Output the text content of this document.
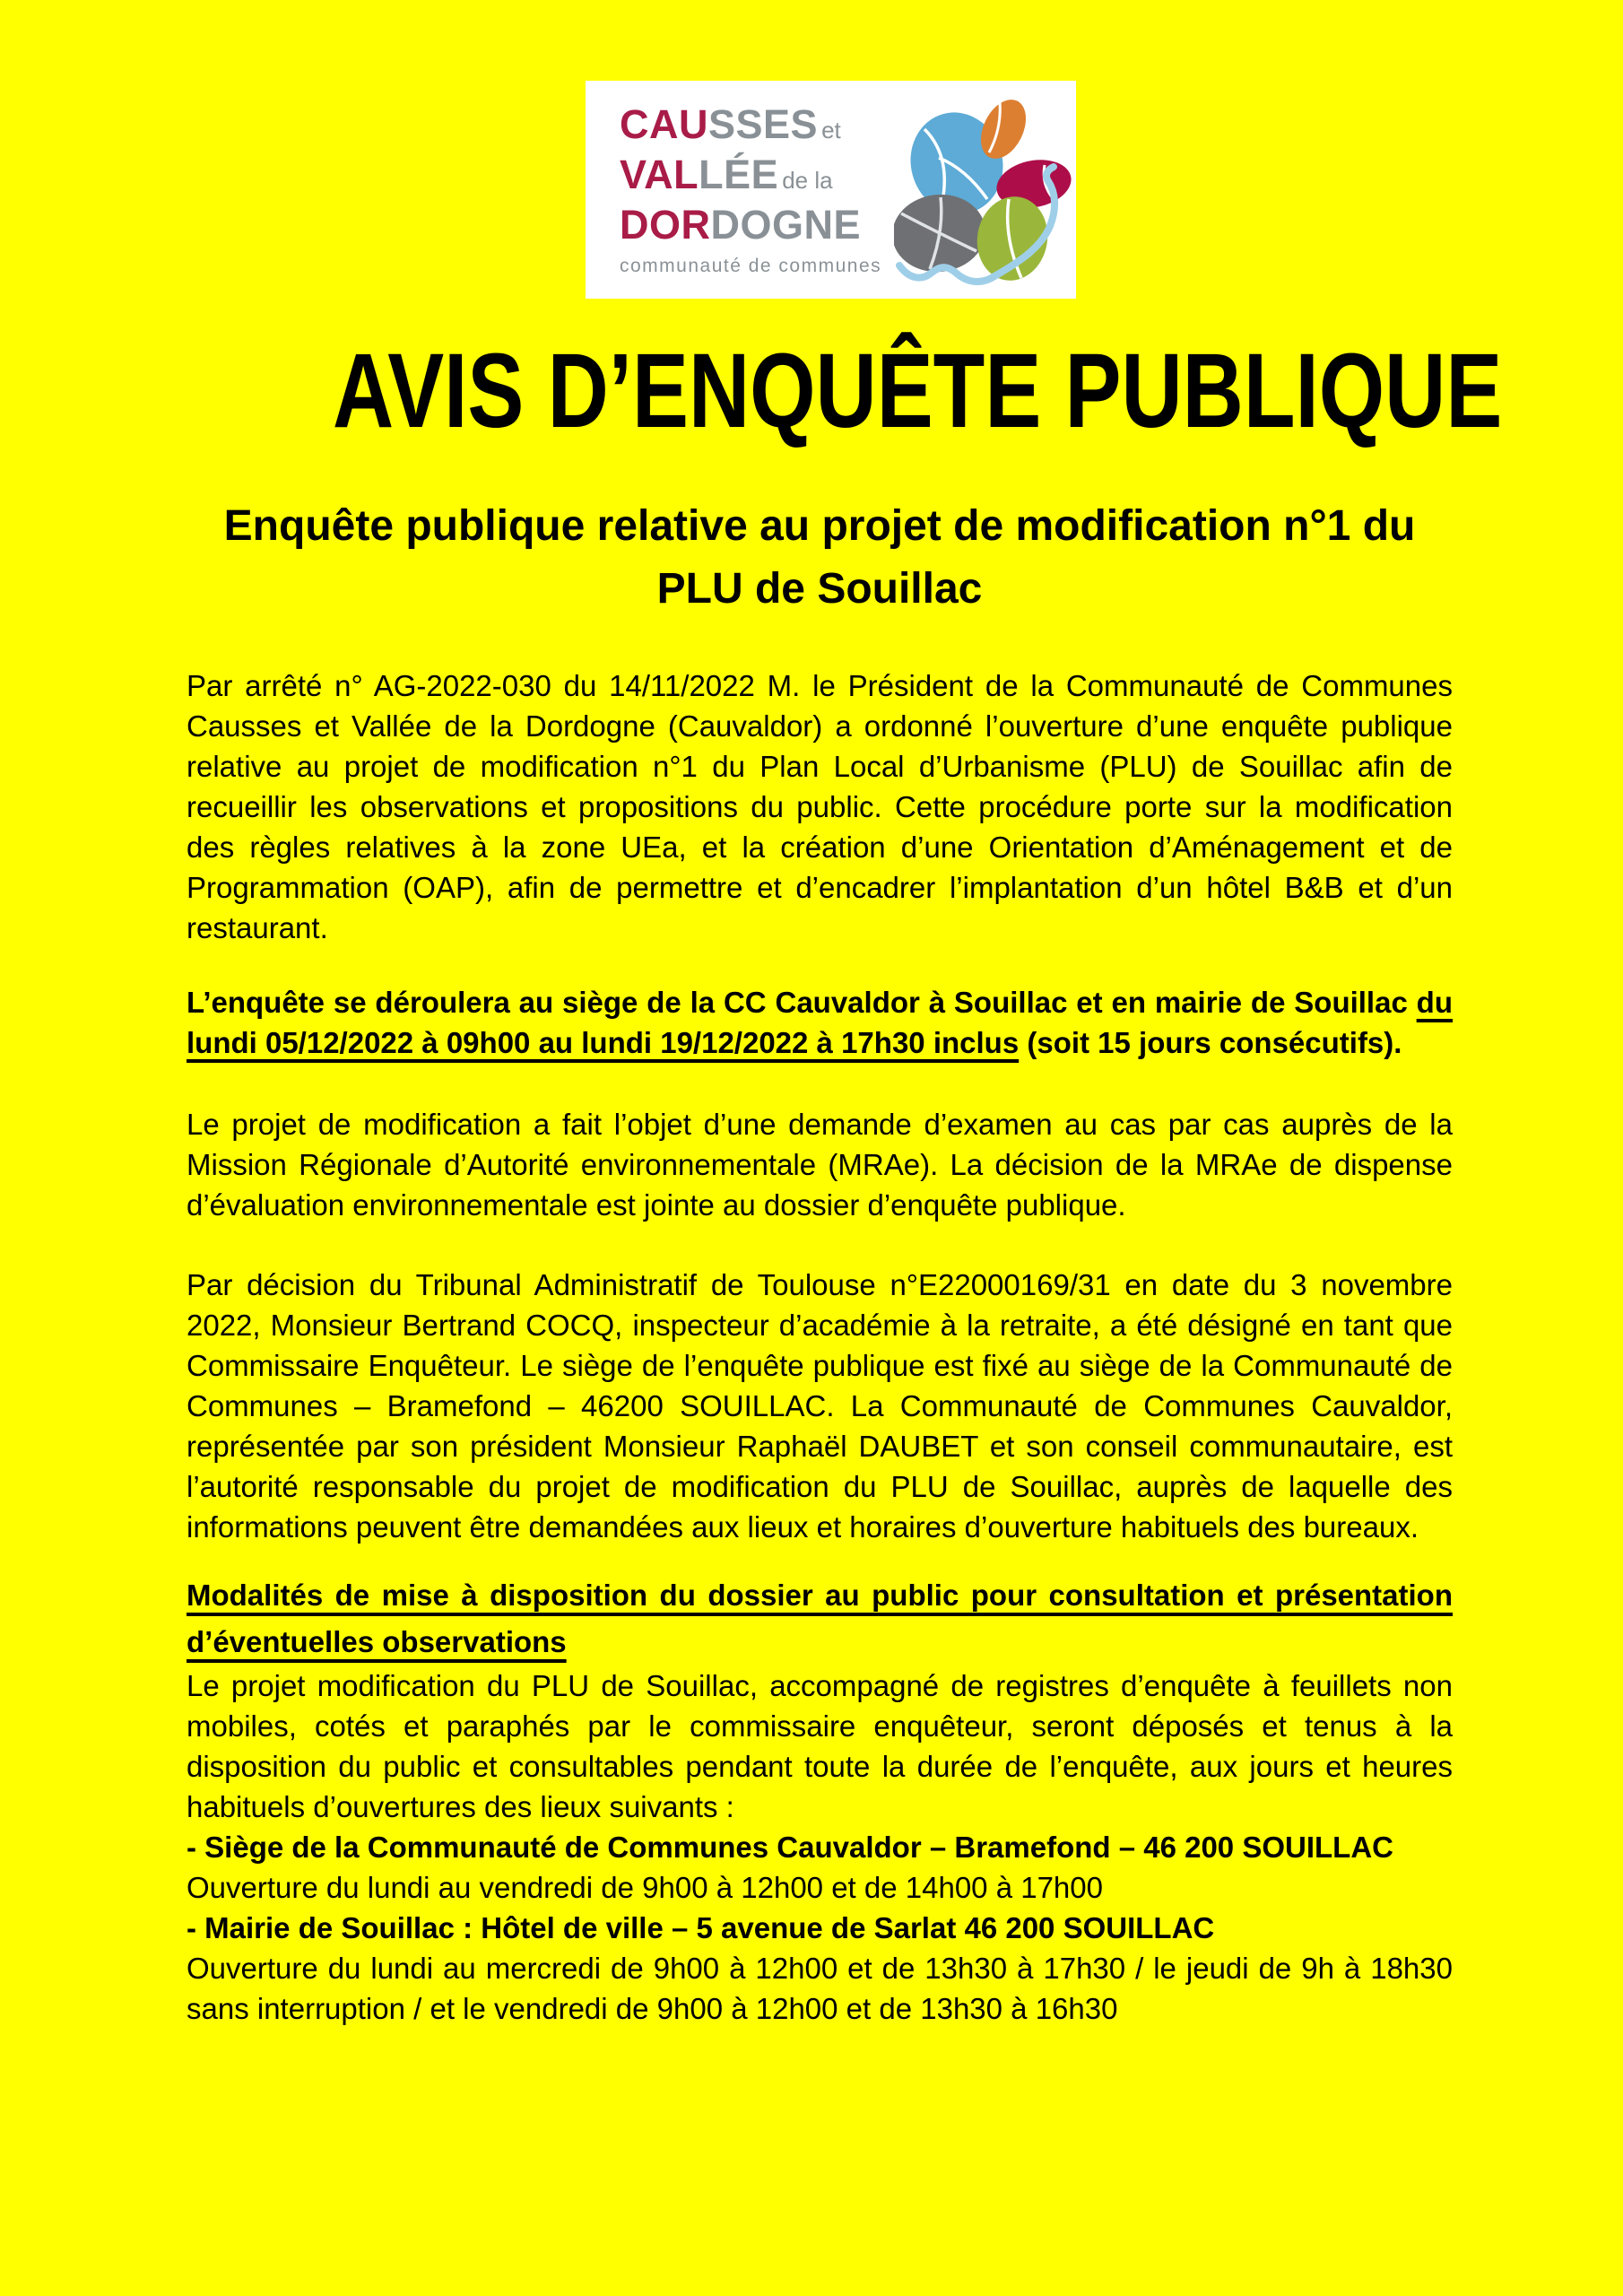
CAUSSES et
VALLÉE de la
DORDOGNE
communauté de communes
AVIS D’ENQUÊTE PUBLIQUE
Enquête publique relative au projet de modification n°1 du PLU de Souillac

Par arrêté n° AG-2022-030 du 14/11/2022 M. le Président de la Communauté de Communes Causses et Vallée de la Dordogne (Cauvaldor) a ordonné l’ouverture d’une enquête publique relative au projet de modification n°1 du Plan Local d’Urbanisme (PLU) de Souillac afin de recueillir les observations et propositions du public. Cette procédure porte sur la modification des règles relatives à la zone UEa, et la création d’une Orientation d’Aménagement et de Programmation (OAP), afin de permettre et d’encadrer l’implantation d’un hôtel B&B et d’un restaurant.

L’enquête se déroulera au siège de la CC Cauvaldor à Souillac et en mairie de Souillac du lundi 05/12/2022 à 09h00 au lundi 19/12/2022 à 17h30 inclus (soit 15 jours consécutifs).

Le projet de modification a fait l’objet d’une demande d’examen au cas par cas auprès de la Mission Régionale d’Autorité environnementale (MRAe). La décision de la MRAe de dispense d’évaluation environnementale est jointe au dossier d’enquête publique.

Par décision du Tribunal Administratif de Toulouse n°E22000169/31 en date du 3 novembre 2022, Monsieur Bertrand COCQ, inspecteur d’académie à la retraite, a été désigné en tant que Commissaire Enquêteur. Le siège de l’enquête publique est fixé au siège de la Communauté de Communes – Bramefond – 46200 SOUILLAC. La Communauté de Communes Cauvaldor, représentée par son président Monsieur Raphaël DAUBET et son conseil communautaire, est l’autorité responsable du projet de modification du PLU de Souillac, auprès de laquelle des informations peuvent être demandées aux lieux et horaires d’ouverture habituels des bureaux.

Modalités de mise à disposition du dossier au public pour consultation et présentation d’éventuelles observations

Le projet modification du PLU de Souillac, accompagné de registres d’enquête à feuillets non mobiles, cotés et paraphés par le commissaire enquêteur, seront déposés et tenus à la disposition du public et consultables pendant toute la durée de l’enquête, aux jours et heures habituels d’ouvertures des lieux suivants :

- Siège de la Communauté de Communes Cauvaldor – Bramefond – 46 200 SOUILLAC

Ouverture du lundi au vendredi de 9h00 à 12h00 et de 14h00 à 17h00

- Mairie de Souillac : Hôtel de ville – 5 avenue de Sarlat 46 200 SOUILLAC

Ouverture du lundi au mercredi de 9h00 à 12h00 et de 13h30 à 17h30 / le jeudi de 9h à 18h30 sans interruption / et le vendredi de 9h00 à 12h00 et de 13h30 à 16h30
